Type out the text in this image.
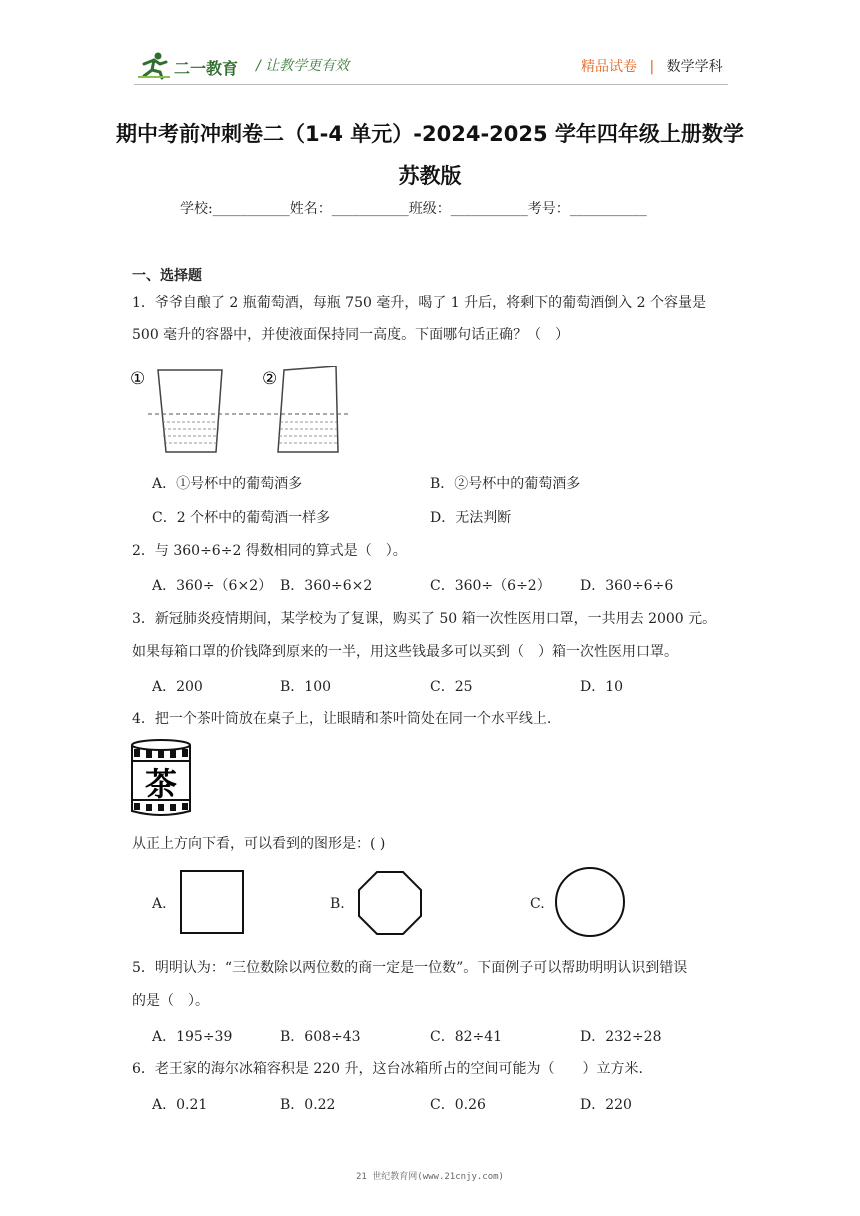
二一教育 / 让教学更有效	精品试卷 | 数学学科
期中考前冲刺卷二（1-4 单元）-2024-2025 学年四年级上册数学
苏教版
学校:___________姓名：___________班级：___________考号：___________
一、选择题
1．爷爷自酿了 2 瓶葡萄酒，每瓶 750 毫升，喝了 1 升后，将剩下的葡萄酒倒入 2 个容量是
500 毫升的容器中，并使液面保持同一高度。下面哪句话正确？（　）
①	②
A．①号杯中的葡萄酒多	B．②号杯中的葡萄酒多
C．2 个杯中的葡萄酒一样多	D．无法判断
2．与 360÷6÷2 得数相同的算式是（　）。
A．360÷（6×2） B．360÷6×2	C．360÷（6÷2） D．360÷6÷6
3．新冠肺炎疫情期间，某学校为了复课，购买了 50 箱一次性医用口罩，一共用去 2000 元。
如果每箱口罩的价钱降到原来的一半，用这些钱最多可以买到（　）箱一次性医用口罩。
A．200	B．100	C．25	D．10
4．把一个茶叶筒放在桌子上，让眼睛和茶叶筒处在同一个水平线上.
茶
从正上方向下看，可以看到的图形是：( )
A.	B.	C.
5．明明认为：“三位数除以两位数的商一定是一位数”。下面例子可以帮助明明认识到错误
的是（　）。
A．195÷39	B．608÷43	C．82÷41	D．232÷28
6．老王家的海尔冰箱容积是 220 升，这台冰箱所占的空间可能为（　　）立方米.
A．0.21	B．0.22	C．0.26	D．220
21 世纪教育网(www.21cnjy.com)
